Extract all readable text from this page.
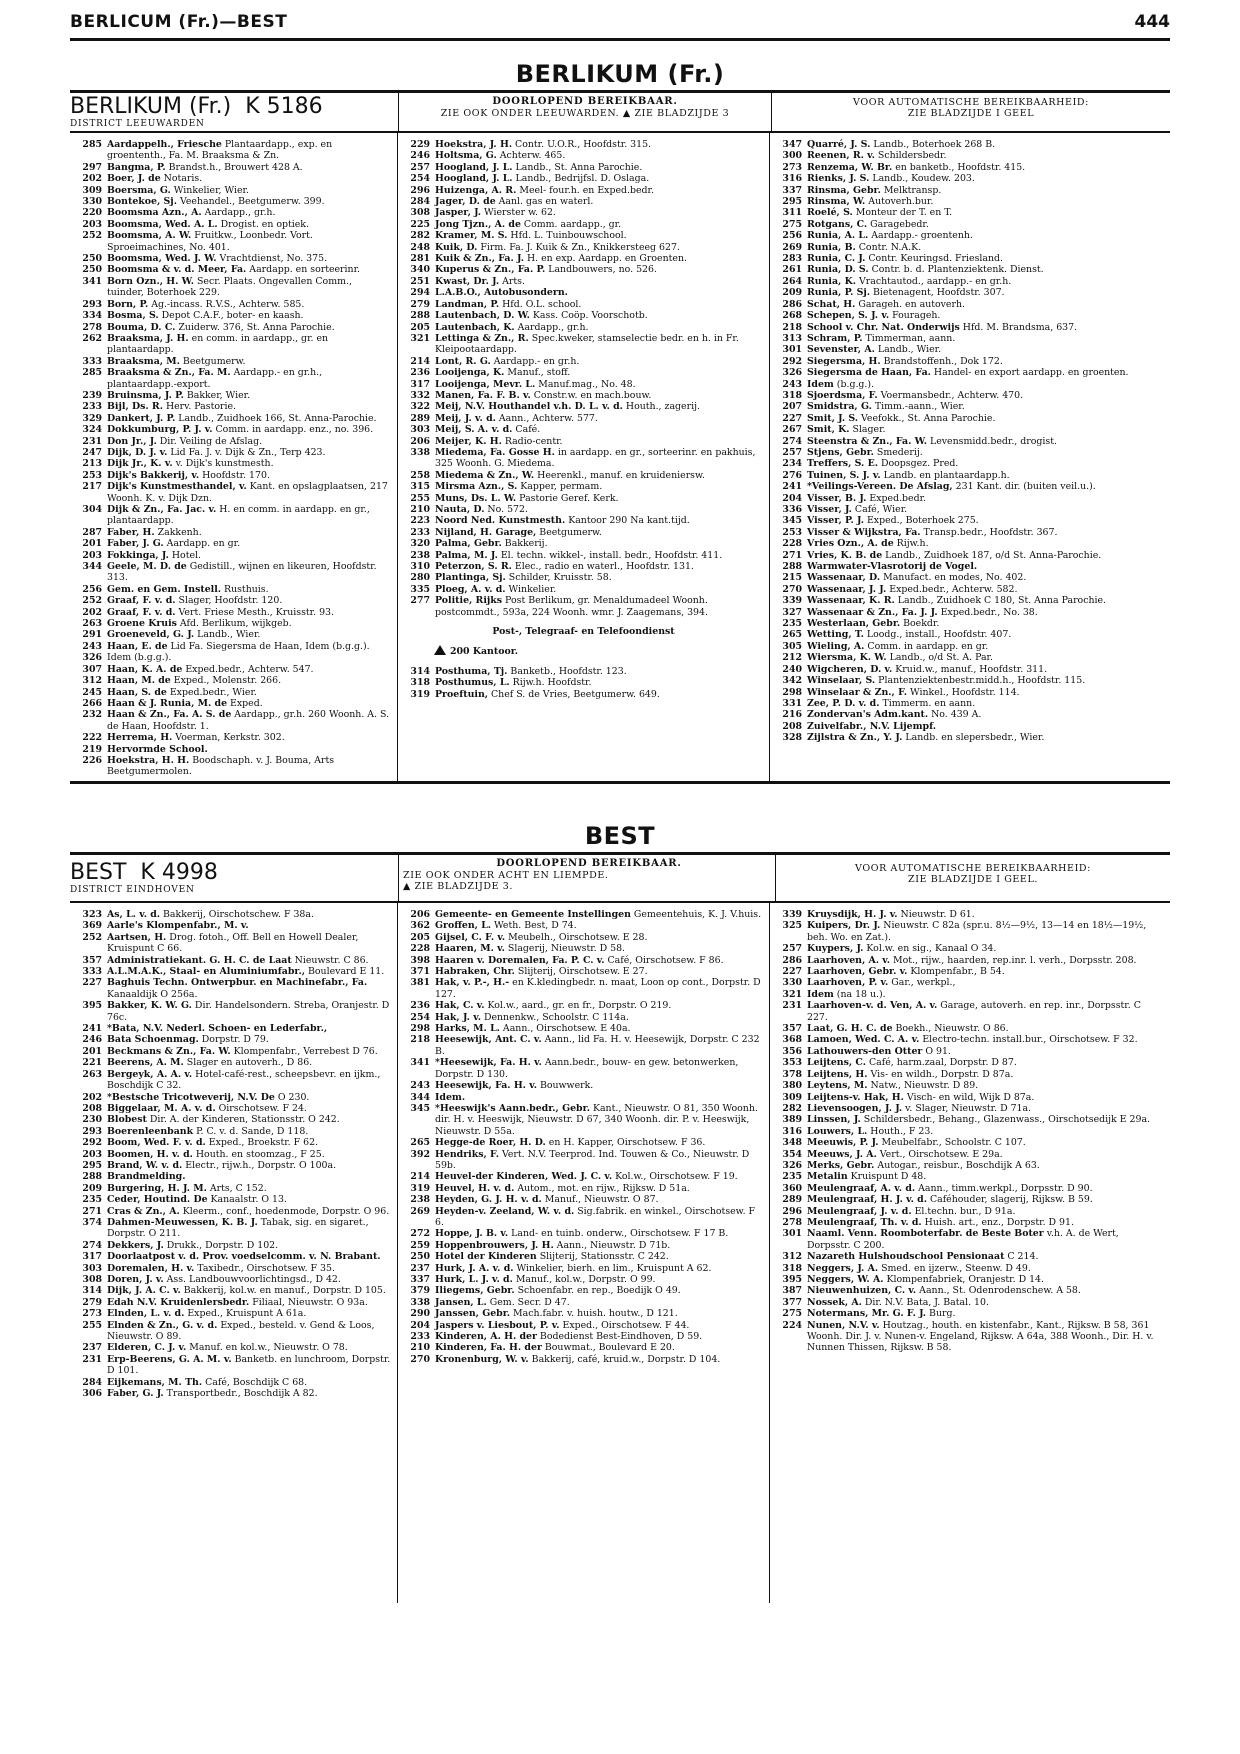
BERLICUM (Fr.)—BEST	444
BERLIKUM (Fr.)
BERLIKUM (Fr.) K 5186
DISTRICT LEEUWARDEN
DOORLOPEND BEREIKBAAR.
ZIE OOK ONDER LEEUWARDEN. ▲ ZIE BLADZIJDE 3
VOOR AUTOMATISCHE BEREIKBAARHEID:
ZIE BLADZIJDE I GEEL
285 Aardappelh., Friesche Plantaardapp., exp. en groententh., Fa. M. Braaksma & Zn.
297 Bangma, P. Brandst.h., Brouwert 428 A.
202 Boer, J. de Notaris.
309 Boersma, G. Winkelier, Wier.
330 Bontekoe, Sj. Veehandel., Beetgumerw. 399.
220 Boomsma Azn., A. Aardapp., gr.h.
203 Boomsma, Wed. A. L. Drogist. en optiek.
252 Boomsma, A. W. Fruitkw., Loonbedr. Vort. Sproeimachines, No. 401.
250 Boomsma, Wed. J. W. Vrachtdienst, No. 375.
250 Boomsma & v. d. Meer, Fa. Aardapp. en sorteerinr.
341 Born Ozn., H. W. Secr. Plaats. Ongevallen Comm., tuinder, Boterhoek 229.
293 Born, P. Ag.-incass. R.V.S., Achterw. 585.
334 Bosma, S. Depot C.A.F., boter- en kaash.
278 Bouma, D. C. Zuiderw. 376, St. Anna Parochie.
262 Braaksma, J. H. en comm. in aardapp., gr. en plantaardapp.
333 Braaksma, M. Beetgumerw.
285 Braaksma & Zn., Fa. M. Aardapp.- en gr.h., plantaardapp.-export.
239 Bruinsma, J. P. Bakker, Wier.
233 Bijl, Ds. R. Herv. Pastorie.
329 Dankert, J. P. Landb., Zuidhoek 166, St. Anna-Parochie.
324 Dokkumburg, P. J. v. Comm. in aardapp. enz., no. 396.
231 Don Jr., J. Dir. Veiling de Afslag.
247 Dijk, D. J. v. Lid Fa. J. v. Dijk & Zn., Terp 423.
213 Dijk Jr., K. v. v. Dijk's kunstmesth.
253 Dijk's Bakkerij, v. Hoofdstr. 170.
217 Dijk's Kunstmesthandel, v. Kant. en opslagplaatsen, 217 Woonh. K. v. Dijk Dzn.
304 Dijk & Zn., Fa. Jac. v. H. en comm. in aardapp. en gr., plantaardapp.
287 Faber, H. Zakkenh.
201 Faber, J. G. Aardapp. en gr.
203 Fokkinga, J. Hotel.
344 Geele, M. D. de Gedistill., wijnen en likeuren, Hoofdstr. 313.
256 Gem. en Gem. Instell. Rusthuis.
252 Graaf, F. v. d. Slager, Hoofdstr. 120.
202 Graaf, F. v. d. Vert. Friese Mesth., Kruisstr. 93.
263 Groene Kruis Afd. Berlikum, wijkgeb.
291 Groeneveld, G. J. Landb., Wier.
243 Haan, E. de Lid Fa. Siegersma de Haan, Idem (b.g.g.).
326 Idem (b.g.g.).
307 Haan, K. A. de Exped.bedr., Achterw. 547.
312 Haan, M. de Exped., Molenstr. 266.
245 Haan, S. de Exped.bedr., Wier.
266 Haan & J. Runia, M. de Exped.
232 Haan & Zn., Fa. A. S. de Aardapp., gr.h. 260 Woonh. A. S. de Haan, Hoofdstr. 1.
222 Herrema, H. Voerman, Kerkstr. 302.
219 Hervormde School.
226 Hoekstra, H. H. Boodschaph. v. J. Bouma, Arts Beetgumermolen.
229 Hoekstra, J. H. Contr. U.O.R., Hoofdstr. 315.
246 Holtsma, G. Achterw. 465.
257 Hoogland, J. L. Landb., St. Anna Parochie.
254 Hoogland, J. L. Landb., Bedrijfsl. D. Oslaga.
296 Huizenga, A. R. Meel- four.h. en Exped.bedr.
284 Jager, D. de Aanl. gas en waterl.
308 Jasper, J. Wierster w. 62.
225 Jong Tjzn., A. de Comm. aardapp., gr.
282 Kramer, M. S. Hfd. L. Tuinbouwschool.
248 Kuik, D. Firm. Fa. J. Kuik & Zn., Knikkersteeg 627.
281 Kuik & Zn., Fa. J. H. en exp. Aardapp. en Groenten.
340 Kuperus & Zn., Fa. P. Landbouwers, no. 526.
251 Kwast, Dr. J. Arts.
294 L.A.B.O., Autobusondern.
279 Landman, P. Hfd. O.L. school.
288 Lautenbach, D. W. Kass. Coöp. Voorschotb.
205 Lautenbach, K. Aardapp., gr.h.
321 Lettinga & Zn., R. Spec.kweker, stamselectie bedr. en h. in Fr. Kleipootaardapp.
214 Lont, R. G. Aardapp.- en gr.h.
236 Looijenga, K. Manuf., stoff.
317 Looijenga, Mevr. L. Manuf.mag., No. 48.
332 Manen, Fa. F. B. v. Constr.w. en mach.bouw.
322 Meij, N.V. Houthandel v.h. D. L. v. d. Houth., zagerij.
289 Meij, J. v. d. Aann., Achterw. 577.
303 Meij, S. A. v. d. Café.
206 Meijer, K. H. Radio-centr.
338 Miedema, Fa. Gosse H. in aardapp. en gr., sorteerinr. en pakhuis, 325 Woonh. G. Miedema.
258 Miedema & Zn., W. Heerenkl., manuf. en kruideniersw.
315 Mirsma Azn., S. Kapper, permam.
255 Muns, Ds. L. W. Pastorie Geref. Kerk.
210 Nauta, D. No. 572.
223 Noord Ned. Kunstmesth. Kantoor 290 Na kant.tijd.
233 Nijland, H. Garage, Beetgumerw.
320 Palma, Gebr. Bakkerij.
238 Palma, M. J. El. techn. wikkel-, install. bedr., Hoofdstr. 411.
310 Peterzon, S. R. Elec., radio en waterl., Hoofdstr. 131.
280 Plantinga, Sj. Schilder, Kruisstr. 58.
335 Ploeg, A. v. d. Winkelier.
277 Politie, Rijks Post Berlikum, gr. Menaldumadeel Woonh. postcommdt., 593a, 224 Woonh. wmr. J. Zaagemans, 394.
Post-, Telegraaf- en Telefoondienst
200 Kantoor.
314 Posthuma, Tj. Banketb., Hoofdstr. 123.
318 Posthumus, L. Rijw.h. Hoofdstr.
319 Proeftuin, Chef S. de Vries, Beetgumerw. 649.
347 Quarré, J. S. Landb., Boterhoek 268 B.
300 Reenen, R. v. Schildersbedr.
273 Renzema, W. Br. en banketb., Hoofdstr. 415.
316 Rienks, J. S. Landb., Koudew. 203.
337 Rinsma, Gebr. Melktransp.
295 Rinsma, W. Autoverh.bur.
311 Roelé, S. Monteur der T. en T.
275 Rotgans, C. Garagebedr.
256 Runia, A. L. Aardapp.- groentenh.
269 Runia, B. Contr. N.A.K.
283 Runia, C. J. Contr. Keuringsd. Friesland.
261 Runia, D. S. Contr. b. d. Plantenziektenk. Dienst.
264 Runia, K. Vrachtautod., aardapp.- en gr.h.
209 Runia, P. Sj. Bietenagent, Hoofdstr. 307.
286 Schat, H. Garageh. en autoverh.
268 Schepen, S. J. v. Fourageh.
218 School v. Chr. Nat. Onderwijs Hfd. M. Brandsma, 637.
313 Schram, P. Timmerman, aann.
301 Sevenster, A. Landb., Wier.
292 Siegersma, H. Brandstoffenh., Dok 172.
326 Siegersma de Haan, Fa. Handel- en export aardapp. en groenten.
243 Idem (b.g.g.).
318 Sjoerdsma, F. Voermansbedr., Achterw. 470.
207 Smidstra, G. Timm.-aann., Wier.
227 Smit, J. S. Veefokk., St. Anna Parochie.
267 Smit, K. Slager.
274 Steenstra & Zn., Fa. W. Levensmidd.bedr., drogist.
257 Stjens, Gebr. Smederij.
234 Treffers, S. E. Doopsgez. Pred.
276 Tuinen, S. J. v. Landb. en plantaardapp.h.
241 *Veilings-Vereen. De Afslag, 231 Kant. dir. (buiten veil.u.).
204 Visser, B. J. Exped.bedr.
336 Visser, J. Café, Wier.
345 Visser, P. J. Exped., Boterhoek 275.
253 Visser & Wijkstra, Fa. Transp.bedr., Hoofdstr. 367.
228 Vries Ozn., A. de Rijw.h.
271 Vries, K. B. de Landb., Zuidhoek 187, o/d St. Anna-Parochie.
288 Warmwater-Vlasrotorij de Vogel.
215 Wassenaar, D. Manufact. en modes, No. 402.
270 Wassenaar, J. J. Exped.bedr., Achterw. 582.
339 Wassenaar, K. R. Landb., Zuidhoek C 180, St. Anna Parochie.
327 Wassenaar & Zn., Fa. J. J. Exped.bedr., No. 38.
235 Westerlaan, Gebr. Boekdr.
265 Wetting, T. Loodg., install., Hoofdstr. 407.
305 Wieling, A. Comm. in aardapp. en gr.
212 Wiersma, K. W. Landb., o/d St. A. Par.
240 Wigcheren, D. v. Kruid.w., manuf., Hoofdstr. 311.
342 Winselaar, S. Plantenziektenbestr.midd.h., Hoofdstr. 115.
298 Winselaar & Zn., F. Winkel., Hoofdstr. 114.
331 Zee, P. D. v. d. Timmerm. en aann.
216 Zondervan's Adm.kant. No. 439 A.
208 Zuivelfabr., N.V. Lijempf.
328 Zijlstra & Zn., Y. J. Landb. en slepersbedr., Wier.
BEST
BEST K 4998
DISTRICT EINDHOVEN
DOORLOPEND BEREIKBAAR.
ZIE OOK ONDER ACHT EN LIEMPDE.
▲ ZIE BLADZIJDE 3.
VOOR AUTOMATISCHE BEREIKBAARHEID:
ZIE BLADZIJDE I GEEL.
323 As, L. v. d. Bakkerij, Oirschotschew. F 38a.
369 Aarle's Klompenfabr., M. v.
252 Aartsen, H. Drog. fotoh., Off. Bell en Howell Dealer, Kruispunt C 66.
357 Administratiekant. G. H. C. de Laat Nieuwstr. C 86.
333 A.L.M.A.K., Staal- en Aluminiumfabr., Boulevard E 11.
227 Baghuis Techn. Ontwerpbur. en Machinefabr., Fa. Kanaaldijk O 256a.
395 Bakker, K. W. G. Dir. Handelsondern. Streba, Oranjestr. D 76c.
241 *Bata, N.V. Nederl. Schoen- en Lederfabr.,
246 Bata Schoenmag. Dorpstr. D 79.
201 Beckmans & Zn., Fa. W. Klompenfabr., Verrebest D 76.
221 Beerens, A. M. Slager en autoverh., D 86.
263 Bergeyk, A. A. v. Hotel-café-rest., scheepsbevr. en ijkm., Boschdijk C 32.
202 *Bestsche Tricotweverij, N.V. De O 230.
208 Biggelaar, M. A. v. d. Oirschotsew. F 24.
230 Blobest Dir. A. der Kinderen, Stationsstr. O 242.
293 Boerenleenbank P. C. v. d. Sande, D 118.
292 Boom, Wed. F. v. d. Exped., Broekstr. F 62.
203 Boomen, H. v. d. Houth. en stoomzag., F 25.
295 Brand, W. v. d. Electr., rijw.h., Dorpstr. O 100a.
288 Brandmelding.
209 Burgering, H. J. M. Arts, C 152.
235 Ceder, Houtind. De Kanaalstr. O 13.
271 Cras & Zn., A. Kleerm., conf., hoedenmode, Dorpstr. O 96.
374 Dahmen-Meuwessen, K. B. J. Tabak, sig. en sigaret., Dorpstr. O 211.
274 Dekkers, J. Drukk., Dorpstr. D 102.
317 Doorlaatpost v. d. Prov. voedselcomm. v. N. Brabant.
303 Doremalen, H. v. Taxibedr., Oirschotsew. F 35.
308 Doren, J. v. Ass. Landbouwvoorlichtingsd., D 42.
314 Dijk, J. A. C. v. Bakkerij, kol.w. en manuf., Dorpstr. D 105.
279 Edah N.V. Kruidenlersbedr. Filiaal, Nieuwstr. O 93a.
273 Elnden, L. v. d. Exped., Kruispunt A 61a.
255 Elnden & Zn., G. v. d. Exped., besteld. v. Gend & Loos, Nieuwstr. O 89.
237 Elderen, C. J. v. Manuf. en kol.w., Nieuwstr. O 78.
231 Erp-Beerens, G. A. M. v. Banketb. en lunchroom, Dorpstr. D 101.
284 Eijkemans, M. Th. Café, Boschdijk C 68.
306 Faber, G. J. Transportbedr., Boschdijk A 82.
206 Gemeente- en Gemeente Instellingen Gemeentehuis, K. J. V.huis.
362 Groffen, L. Weth. Best, D 74.
205 Gijsel, C. F. v. Meubelh., Oirschotsew. E 28.
228 Haaren, M. v. Slagerij, Nieuwstr. D 58.
398 Haaren v. Doremalen, Fa. P. C. v. Café, Oirschotsew. F 86.
371 Habraken, Chr. Slijterij, Oirschotsew. E 27.
381 Hak, v. P.-, H.- en K.kledingbedr. n. maat, Loon op cont., Dorpstr. D 127.
236 Hak, C. v. Kol.w., aard., gr. en fr., Dorpstr. O 219.
254 Hak, J. v. Dennenkw., Schoolstr. C 114a.
298 Harks, M. L. Aann., Oirschotsew. E 40a.
218 Heesewijk, Ant. C. v. Aann., lid Fa. H. v. Heesewijk, Dorpstr. C 232 B.
341 *Heesewijk, Fa. H. v. Aann.bedr., bouw- en gew. betonwerken, Dorpstr. D 130.
243 Heesewijk, Fa. H. v. Bouwwerk.
344 Idem.
345 *Heeswijk's Aann.bedr., Gebr. Kant., Nieuwstr. O 81, 350 Woonh. dir. H. v. Heeswijk, Nieuwstr. D 67, 340 Woonh. dir. P. v. Heeswijk, Nieuwstr. D 55a.
265 Hegge-de Roer, H. D. en H. Kapper, Oirschotsew. F 36.
392 Hendriks, F. Vert. N.V. Teerprod. Ind. Touwen & Co., Nieuwstr. D 59b.
214 Heuvel-der Kinderen, Wed. J. C. v. Kol.w., Oirschotsew. F 19.
319 Heuvel, H. v. d. Autom., mot. en rijw., Rijksw. D 51a.
238 Heyden, G. J. H. v. d. Manuf., Nieuwstr. O 87.
269 Heyden-v. Zeeland, W. v. d. Sig.fabrik. en winkel., Oirschotsew. F 6.
272 Hoppe, J. B. v. Land- en tuinb. onderw., Oirschotsew. F 17 B.
259 Hoppenbrouwers, J. H. Aann., Nieuwstr. D 71b.
250 Hotel der Kinderen Slijterij, Stationsstr. C 242.
237 Hurk, J. A. v. d. Winkelier, bierh. en lim., Kruispunt A 62.
337 Hurk, L. J. v. d. Manuf., kol.w., Dorpstr. O 99.
379 Iliegems, Gebr. Schoenfabr. en rep., Boedijk O 49.
338 Jansen, L. Gem. Secr. D 47.
290 Janssen, Gebr. Mach.fabr. v. huish. houtw., D 121.
204 Jaspers v. Liesbout, P. v. Exped., Oirschotsew. F 44.
233 Kinderen, A. H. der Bodedienst Best-Eindhoven, D 59.
210 Kinderen, Fa. H. der Bouwmat., Boulevard E 20.
270 Kronenburg, W. v. Bakkerij, café, kruid.w., Dorpstr. D 104.
339 Kruysdijk, H. J. v. Nieuwstr. D 61.
325 Kuipers, Dr. J. Nieuwstr. C 82a (spr.u. 8½—9½, 13—14 en 18½—19½, beh. Wo. en Zat.).
257 Kuypers, J. Kol.w. en sig., Kanaal O 34.
286 Laarhoven, A. v. Mot., rijw., haarden, rep.inr. l. verh., Dorpsstr. 208.
227 Laarhoven, Gebr. v. Klompenfabr., B 54.
330 Laarhoven, P. v. Gar., werkpl.,
321 Idem (na 18 u.).
231 Laarhoven-v. d. Ven, A. v. Garage, autoverh. en rep. inr., Dorpsstr. C 227.
357 Laat, G. H. C. de Boekh., Nieuwstr. O 86.
368 Lamoen, Wed. C. A. v. Electro-techn. install.bur., Oirschotsew. F 32.
356 Lathouwers-den Otter O 91.
353 Leijtens, C. Café, harm.zaal, Dorpstr. D 87.
378 Leijtens, H. Vis- en wildh., Dorpstr. D 87a.
380 Leytens, M. Natw., Nieuwstr. D 89.
309 Leijtens-v. Hak, H. Visch- en wild, Wijk D 87a.
282 Lievensoogen, J. J. v. Slager, Nieuwstr. D 71a.
389 Linssen, J. Schildersbedr., Behang., Glazenwass., Oirschotsedijk E 29a.
316 Louwers, L. Houth., F 23.
348 Meeuwis, P. J. Meubelfabr., Schoolstr. C 107.
354 Meeuws, J. A. Vert., Oirschotsew. E 29a.
326 Merks, Gebr. Autogar., reisbur., Boschdijk A 63.
235 Metalin Kruispunt D 48.
360 Meulengraaf, A. v. d. Aann., timm.werkpl., Dorpsstr. D 90.
289 Meulengraaf, H. J. v. d. Caféhouder, slagerij, Rijksw. B 59.
296 Meulengraaf, J. v. d. El.techn. bur., D 91a.
278 Meulengraaf, Th. v. d. Huish. art., enz., Dorpstr. D 91.
301 Naaml. Venn. Roomboterfabr. de Beste Boter v.h. A. de Wert, Dorpsstr. C 200.
312 Nazareth Hulshoudschool Pensionaat C 214.
318 Neggers, J. A. Smed. en ijzerw., Steenw. D 49.
395 Neggers, W. A. Klompenfabriek, Oranjestr. D 14.
387 Nieuwenhuizen, C. v. Aann., St. Odenrodenschew. A 58.
377 Nossek, A. Dir. N.V. Bata, J. Batal. 10.
275 Notermans, Mr. G. F. J. Burg.
224 Nunen, N.V. v. Houtzag., houth. en kistenfabr., Kant., Rijksw. B 58, 361 Woonh. Dir. J. v. Nunen-v. Engeland, Rijksw. A 64a, 388 Woonh., Dir. H. v. Nunnen Thissen, Rijksw. B 58.
